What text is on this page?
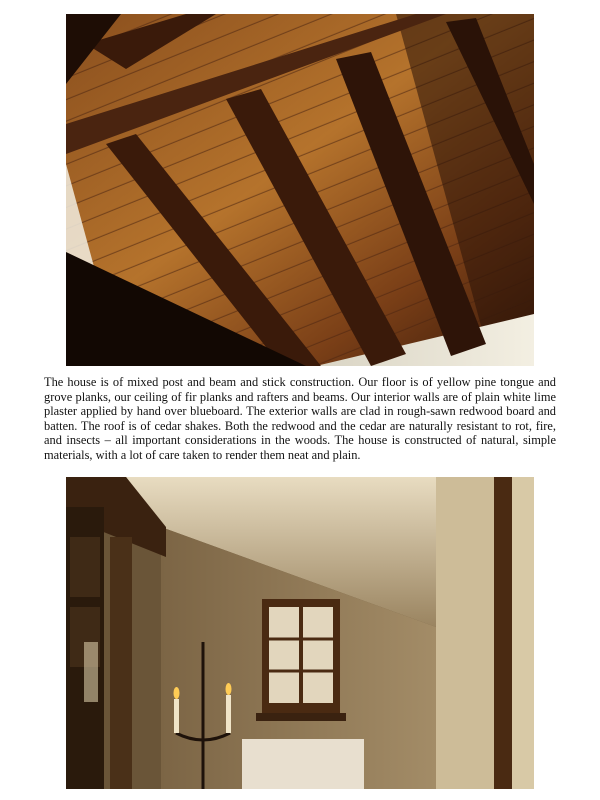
The house is of mixed post and beam and stick construction. Our floor is of yellow pine tongue and grove planks, our ceiling of fir planks and rafters and beams. Our interior walls are of plain white lime plaster applied by hand over blueboard. The exterior walls are clad in rough-sawn redwood board and batten. The roof is of cedar shakes. Both the redwood and the cedar are naturally resistant to rot, fire, and insects – all important considerations in the woods. The house is constructed of natural, simple materials, with a lot of care taken to render them neat and plain.
